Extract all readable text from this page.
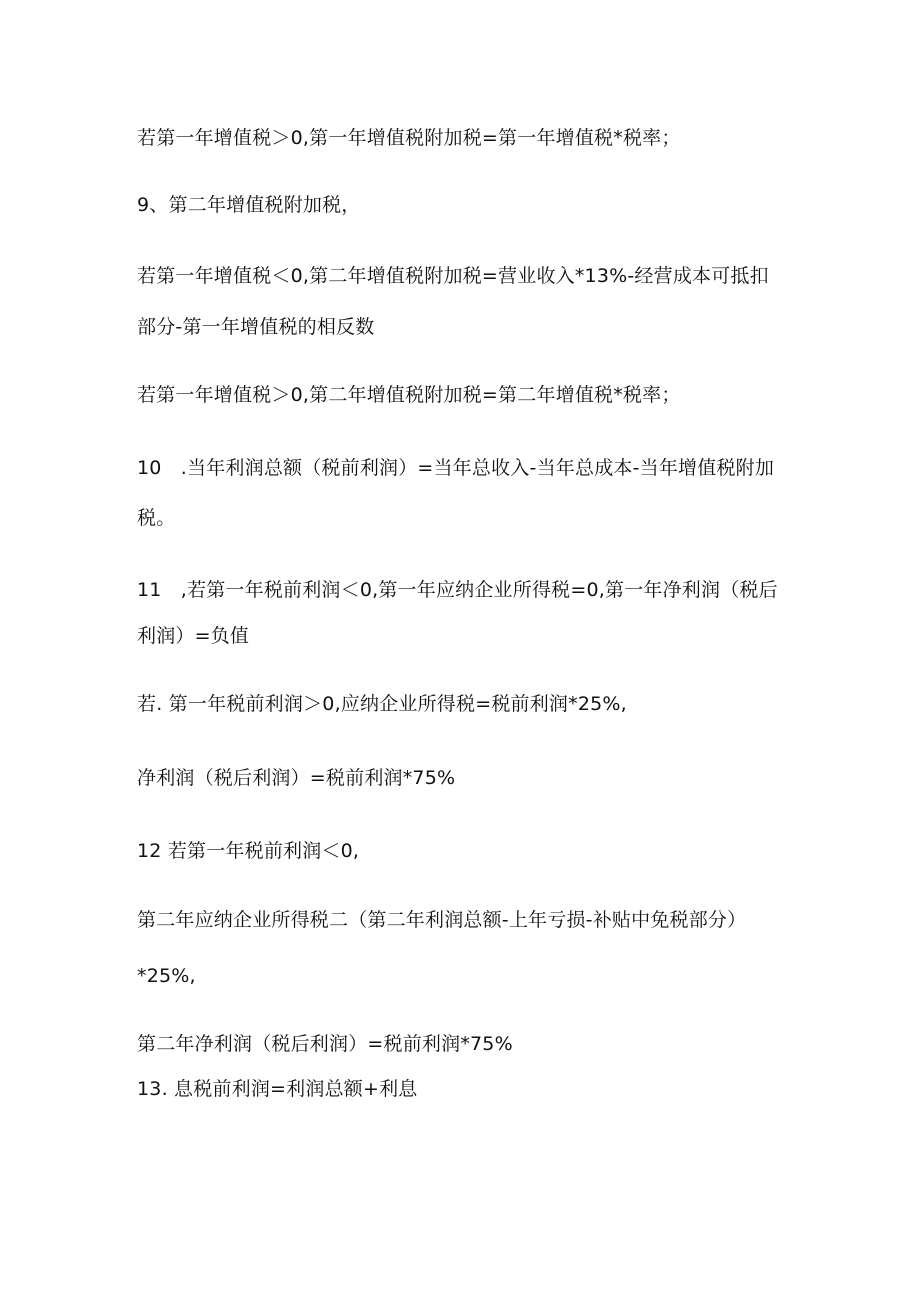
若第一年增值税＞0,第一年增值税附加税=第一年增值税*税率；
9、第二年增值税附加税，
若第一年增值税＜0,第二年增值税附加税=营业收入*13%-经营成本可抵扣
部分-第一年增值税的相反数
若第一年增值税＞0,第二年增值税附加税=第二年增值税*税率；
10　.当年利润总额（税前利润）=当年总收入-当年总成本-当年增值税附加
税。
11　,若第一年税前利润＜0,第一年应纳企业所得税=0,第一年净利润（税后
利润）=负值
若. 第一年税前利润＞0,应纳企业所得税=税前利润*25%,
净利润（税后利润）=税前利润*75%
12 若第一年税前利润＜0,
第二年应纳企业所得税二（第二年利润总额-上年亏损-补贴中免税部分）
*25%,
第二年净利润（税后利润）=税前利润*75%
13. 息税前利润=利润总额+利息
